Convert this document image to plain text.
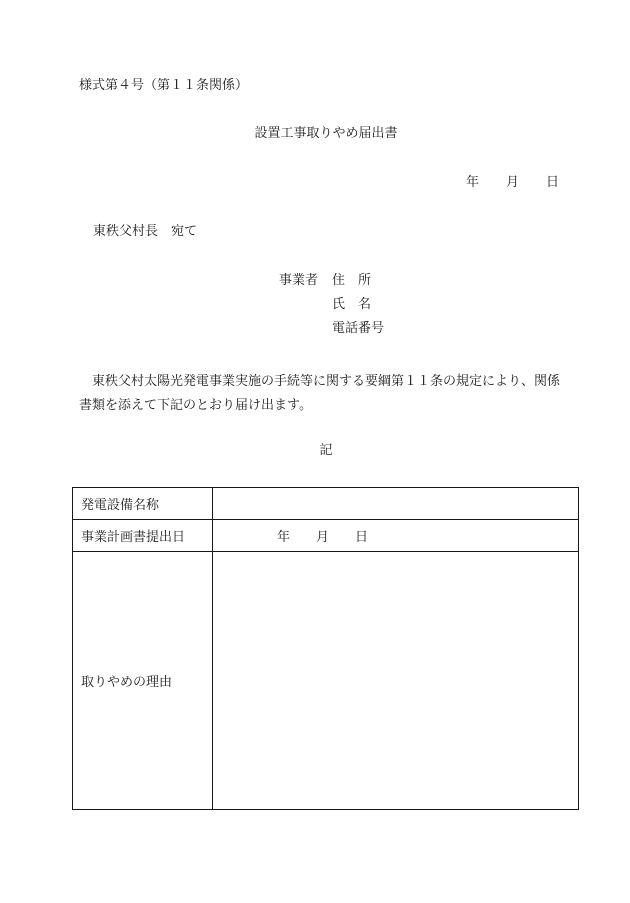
様式第４号（第１１条関係）
設置工事取りやめ届出書
年 月 日
東秩父村長 宛て
事業者 住　所
氏　名
電話番号
東秩父村太陽光発電事業実施の手続等に関する要綱第１１条の規定により、関係
書類を添えて下記のとおり届け出ます。
記
発電設備名称	
事業計画書提出日	年 月 日
取りやめの理由	
